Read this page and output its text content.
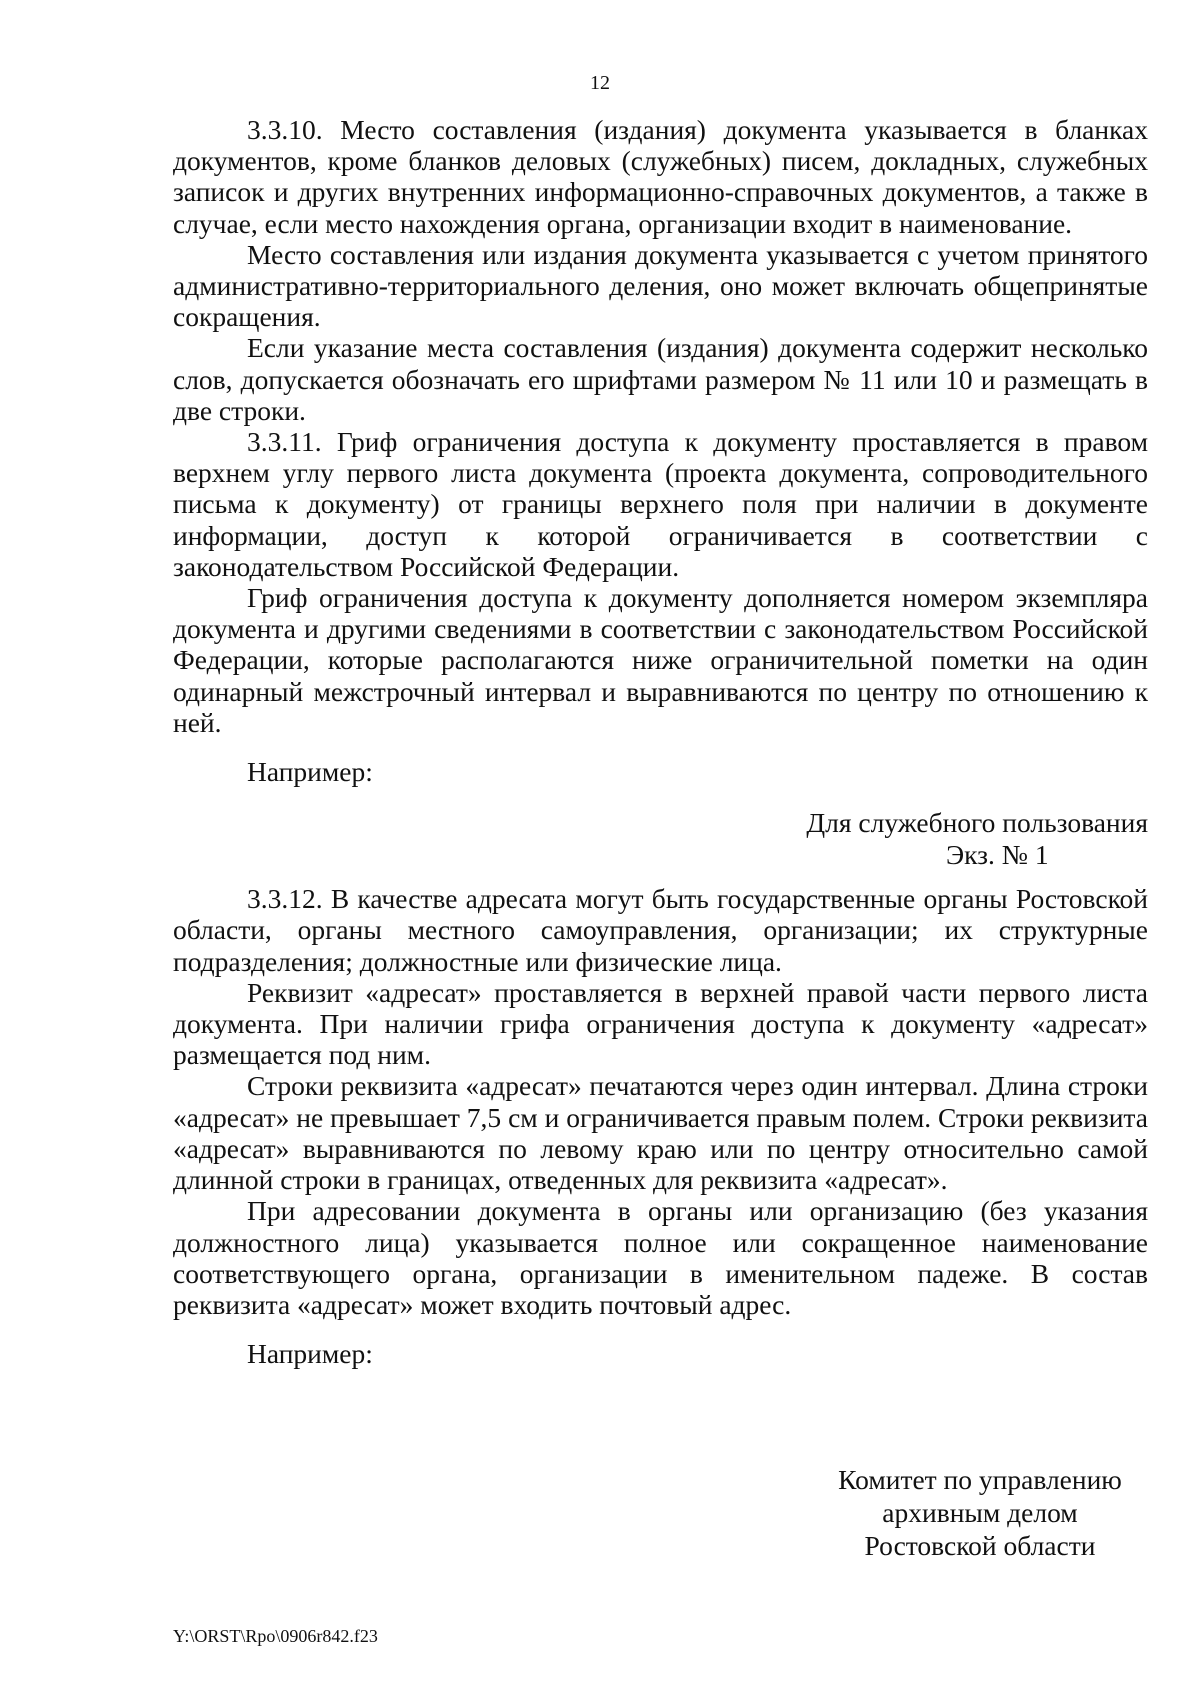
12

3.3.10. Место составления (издания) документа указывается в бланках документов, кроме бланков деловых (служебных) писем, докладных, служебных записок и других внутренних информационно-справочных документов, а также в случае, если место нахождения органа, организации входит в наименование.

Место составления или издания документа указывается с учетом принятого административно-территориального деления, оно может включать общепринятые сокращения.

Если указание места составления (издания) документа содержит несколько слов, допускается обозначать его шрифтами размером № 11 или 10 и размещать в две строки.

3.3.11. Гриф ограничения доступа к документу проставляется в правом верхнем углу первого листа документа (проекта документа, сопроводительного письма к документу) от границы верхнего поля при наличии в документе информации, доступ к которой ограничивается в соответствии с законодательством Российской Федерации.

Гриф ограничения доступа к документу дополняется номером экземпляра документа и другими сведениями в соответствии с законодательством Российской Федерации, которые располагаются ниже ограничительной пометки на один одинарный межстрочный интервал и выравниваются по центру по отношению к ней.

Например:

Для служебного пользования
Экз. № 1

3.3.12. В качестве адресата могут быть государственные органы Ростовской области, органы местного самоуправления, организации; их структурные подразделения; должностные или физические лица.

Реквизит «адресат» проставляется в верхней правой части первого листа документа. При наличии грифа ограничения доступа к документу «адресат» размещается под ним.

Строки реквизита «адресат» печатаются через один интервал. Длина строки «адресат» не превышает 7,5 см и ограничивается правым полем. Строки реквизита «адресат» выравниваются по левому краю или по центру относительно самой длинной строки в границах, отведенных для реквизита «адресат».

При адресовании документа в органы или организацию (без указания должностного лица) указывается полное или сокращенное наименование соответствующего органа, организации в именительном падеже. В состав реквизита «адресат» может входить почтовый адрес.

Например:

Комитет по управлению
архивным делом
Ростовской области
Y:\ORST\Rpo\0906r842.f23
